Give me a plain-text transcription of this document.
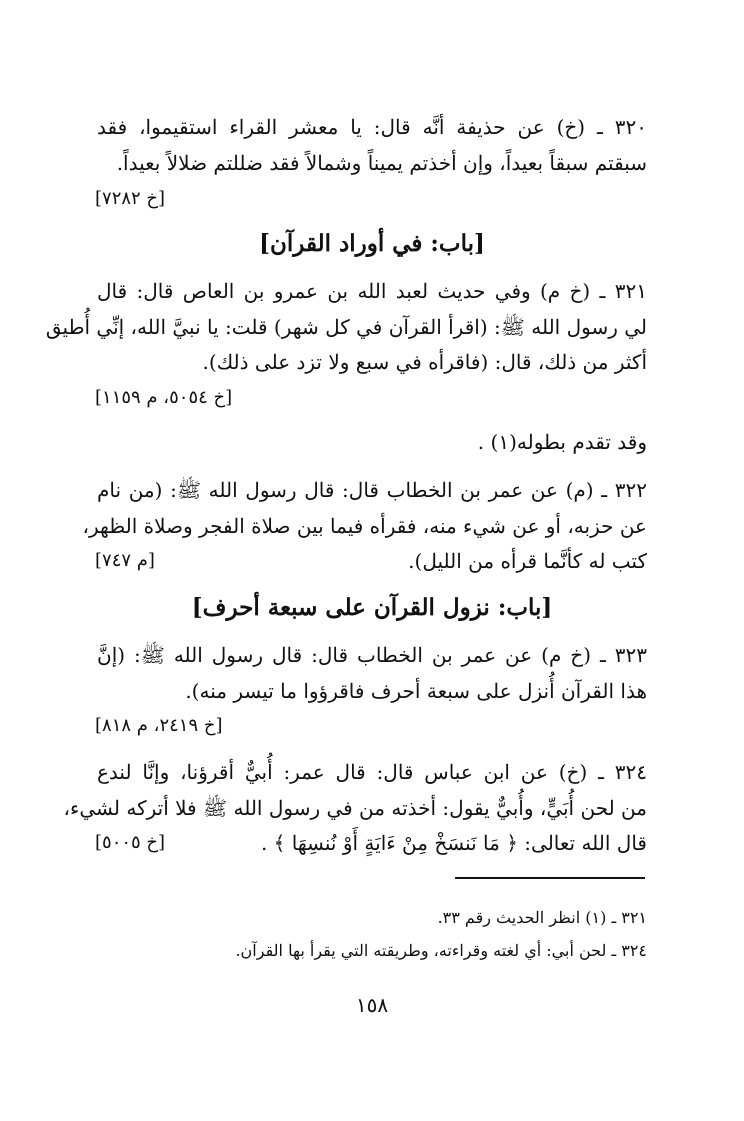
٣٢٠ ـ (خ) عن حذيفة أنَّه قال: يا معشر القراء استقيموا، فقد
سبقتم سبقاً بعيداً، وإن أخذتم يميناً وشمالاً فقد ضللتم ضلالاً بعيداً.
[خ ٧٢٨٢]
[باب: في أوراد القرآن]
٣٢١ ـ (خ م) وفي حديث لعبد الله بن عمرو بن العاص قال: قال
لي رسول الله ﷺ: (اقرأ القرآن في كل شهر) قلت: يا نبيَّ الله، إنِّي أُطيق
أكثر من ذلك، قال: (فاقرأه في سبع ولا تزد على ذلك).
[خ ٥٠٥٤، م ١١٥٩]
وقد تقدم بطوله(١) .
٣٢٢ ـ (م) عن عمر بن الخطاب قال: قال رسول الله ﷺ: (من نام
عن حزبه، أو عن شيء منه، فقرأه فيما بين صلاة الفجر وصلاة الظهر،
كتب له كأنَّما قرأه من الليل).
[م ٧٤٧]
[باب: نزول القرآن على سبعة أحرف]
٣٢٣ ـ (خ م) عن عمر بن الخطاب قال: قال رسول الله ﷺ: (إنَّ
هذا القرآن أُنزل على سبعة أحرف فاقرؤوا ما تيسر منه).
[خ ٢٤١٩، م ٨١٨]
٣٢٤ ـ (خ) عن ابن عباس قال: قال عمر: أُبيٌّ أقرؤنا، وإنَّا لندع
من لحن أُبَيٍّ، وأُبيٌّ يقول: أخذته من في رسول الله ﷺ فلا أتركه لشيء،
قال الله تعالى: ﴿ مَا نَنسَخْ مِنْ ءَايَةٍ أَوْ نُنسِهَا ﴾ .
[خ ٥٠٠٥]
٣٢١ ـ (١) انظر الحديث رقم ٣٣.
٣٢٤ ـ لحن أبي: أي لغته وقراءته، وطريقته التي يقرأ بها القرآن.
١٥٨
